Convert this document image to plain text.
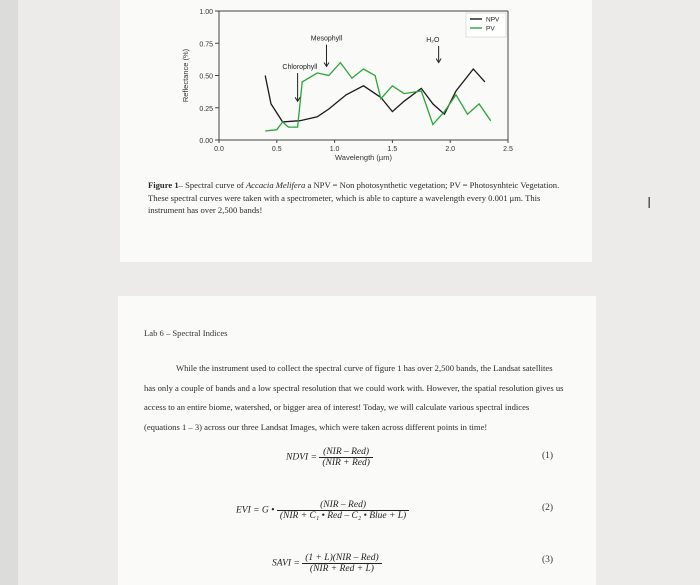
0.00
0.25
0.50
0.75
1.00
0.0	0.5	1.0	1.5	2.0	2.5
Wavelength (µm)
Reflectance (%)	Chlorophyll
Mesophyll	H₂O
NPV
PV
Figure 1– Spectral curve of Accacia Melifera a NPV = Non photosynthetic vegetation; PV = Photosynhteic Vegetation. These spectral curves were taken with a spectrometer, which is able to capture a wavelength every 0.001 μm. This instrument has over 2,500 bands!
Lab 6 – Spectral Indices
While the instrument used to collect the spectral curve of figure 1 has over 2,500 bands, the Landsat satellites has only a couple of bands and a low spectral resolution that we could work with. However, the spatial resolution gives us access to an entire biome, watershed, or bigger area of interest! Today, we will calculate various spectral indices (equations 1 – 3) across our three Landsat Images, which were taken across different points in time!
NDVI = $\frac{\text{(NIR – Red)}}{\text{(NIR + Red)}}$	(1)
EVI = G • $\frac{\text{(NIR – Red)}}{\text{(NIR + C₁ • Red – C₂ • Blue + L)}}$	(2)
SAVI = $\frac{\text{(1 + L)(NIR – Red)}}{\text{(NIR + Red + L)}}$	(3)
I
